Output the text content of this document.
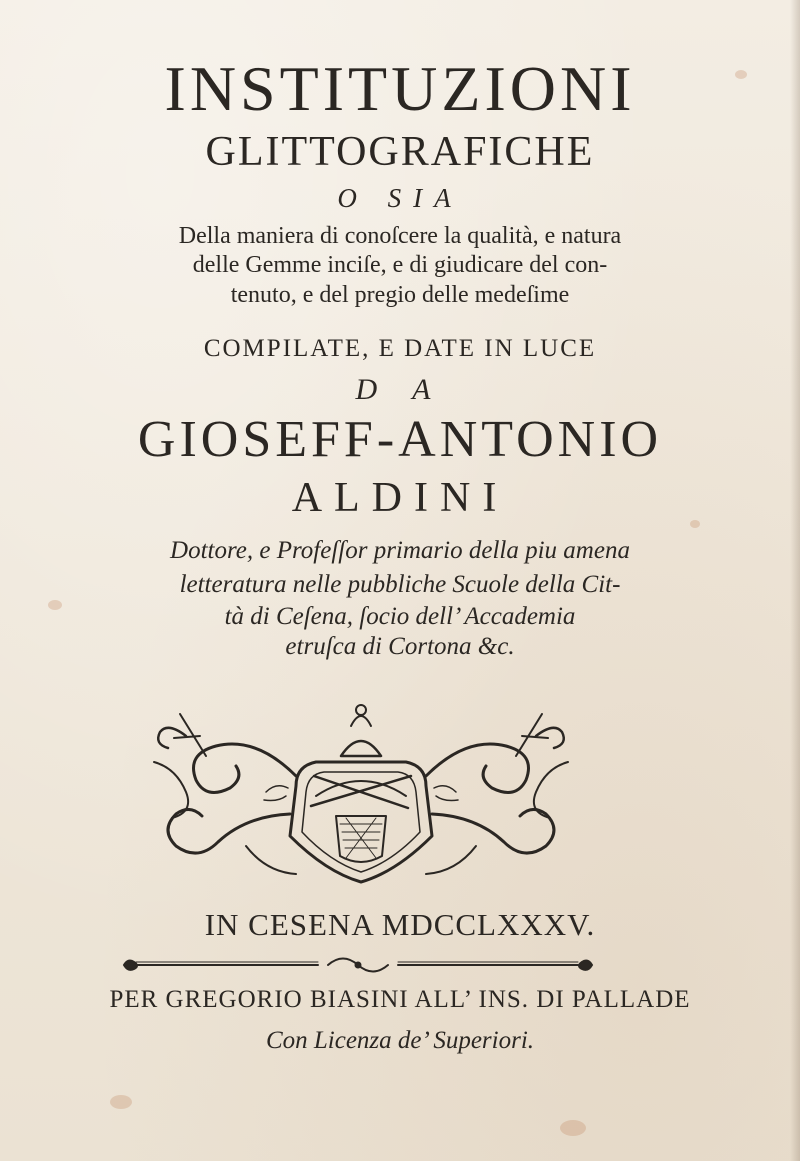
INSTITUZIONI
GLITTOGRAFICHE
O SIA
Della maniera di conoſcere la qualità, e natura
delle Gemme inciſe, e di giudicare del con-
tenuto, e del pregio delle medeſime
COMPILATE, E DATE IN LUCE
D A
GIOSEFF-ANTONIO
ALDINI
Dottore, e Profeſſor primario della piu amena
letteratura nelle pubbliche Scuole della Cit-
tà di Ceſena, ſocio dell’ Accademia
etruſca di Cortona &c.
IN CESENA MDCCLXXXV.
PER GREGORIO BIASINI ALL’ INS. DI PALLADE
Con Licenza de’ Superiori.
